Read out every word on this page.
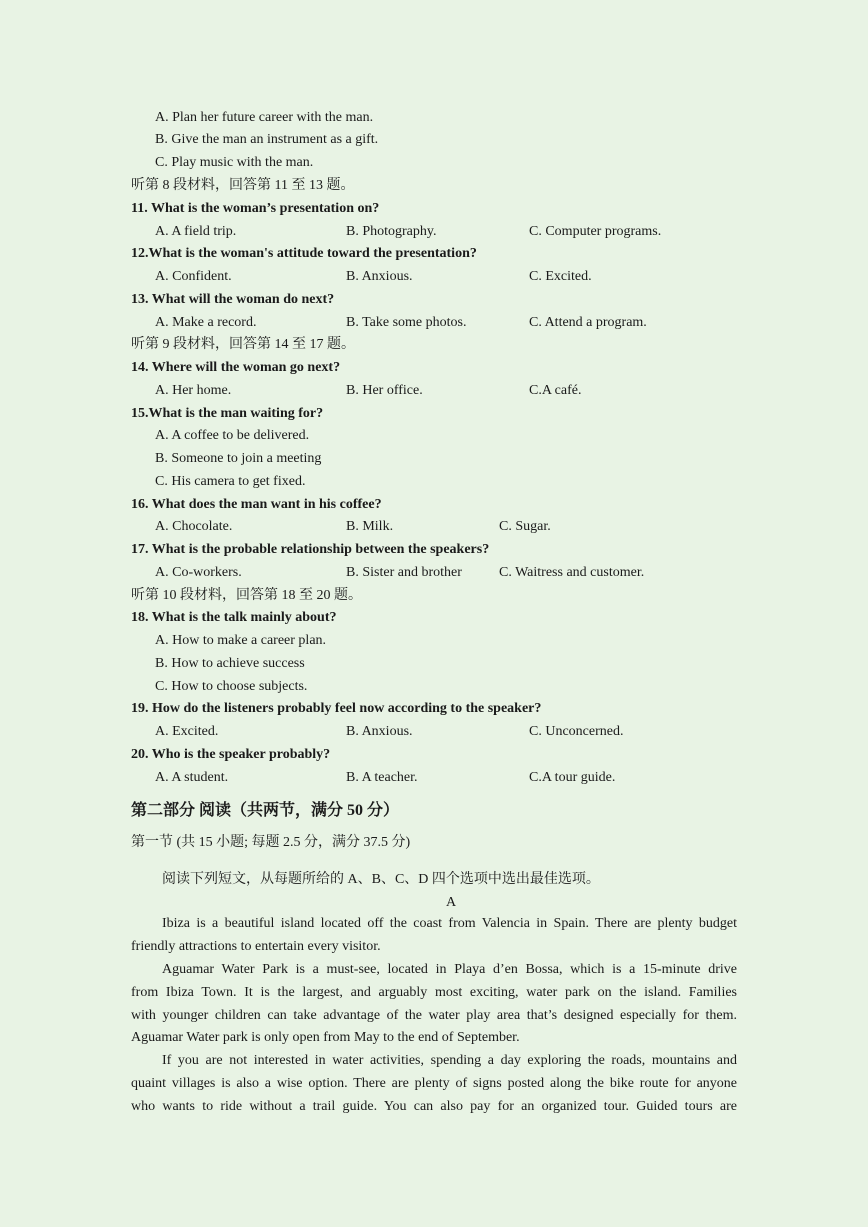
A. Plan her future career with the man.
B. Give the man an instrument as a gift.
C. Play music with the man.
听第 8 段材料，回答第 11 至 13 题。
11. What is the woman’s presentation on?
A. A field trip.	B. Photography.	C. Computer programs.
12.What is the woman's attitude toward the presentation?
A. Confident.	B. Anxious.	C. Excited.
13. What will the woman do next?
A. Make a record.	B. Take some photos.	C. Attend a program.
听第 9 段材料，回答第 14 至 17 题。
14. Where will the woman go next?
A. Her home.	B. Her office.	C.A café.
15.What is the man waiting for?
A. A coffee to be delivered.
B. Someone to join a meeting
C. His camera to get fixed.
16. What does the man want in his coffee?
A. Chocolate.	B. Milk.	C. Sugar.
17. What is the probable relationship between the speakers?
A. Co-workers.	B. Sister and brother	C. Waitress and customer.
听第 10 段材料，回答第 18 至 20 题。
18. What is the talk mainly about?
A. How to make a career plan.
B. How to achieve success
C. How to choose subjects.
19. How do the listeners probably feel now according to the speaker?
A. Excited.	B. Anxious.	C. Unconcerned.
20. Who is the speaker probably?
A. A student.	B. A teacher.	C.A tour guide.
第二部分 阅读（共两节，满分 50 分）
第一节 (共 15 小题; 每题 2.5 分，满分 37.5 分)
阅读下列短文，从每题所给的 A、B、C、D 四个选项中选出最佳选项。
A
Ibiza is a beautiful island located off the coast from Valencia in Spain. There are plenty budget
friendly attractions to entertain every visitor.
Aguamar Water Park is a must-see, located in Playa d’en Bossa, which is a 15-minute drive
from Ibiza Town. It is the largest, and arguably most exciting, water park on the island. Families
with younger children can take advantage of the water play area that’s designed especially for them.
Aguamar Water park is only open from May to the end of September.
If you are not interested in water activities, spending a day exploring the roads, mountains and
quaint villages is also a wise option. There are plenty of signs posted along the bike route for anyone
who wants to ride without a trail guide. You can also pay for an organized tour. Guided tours are
